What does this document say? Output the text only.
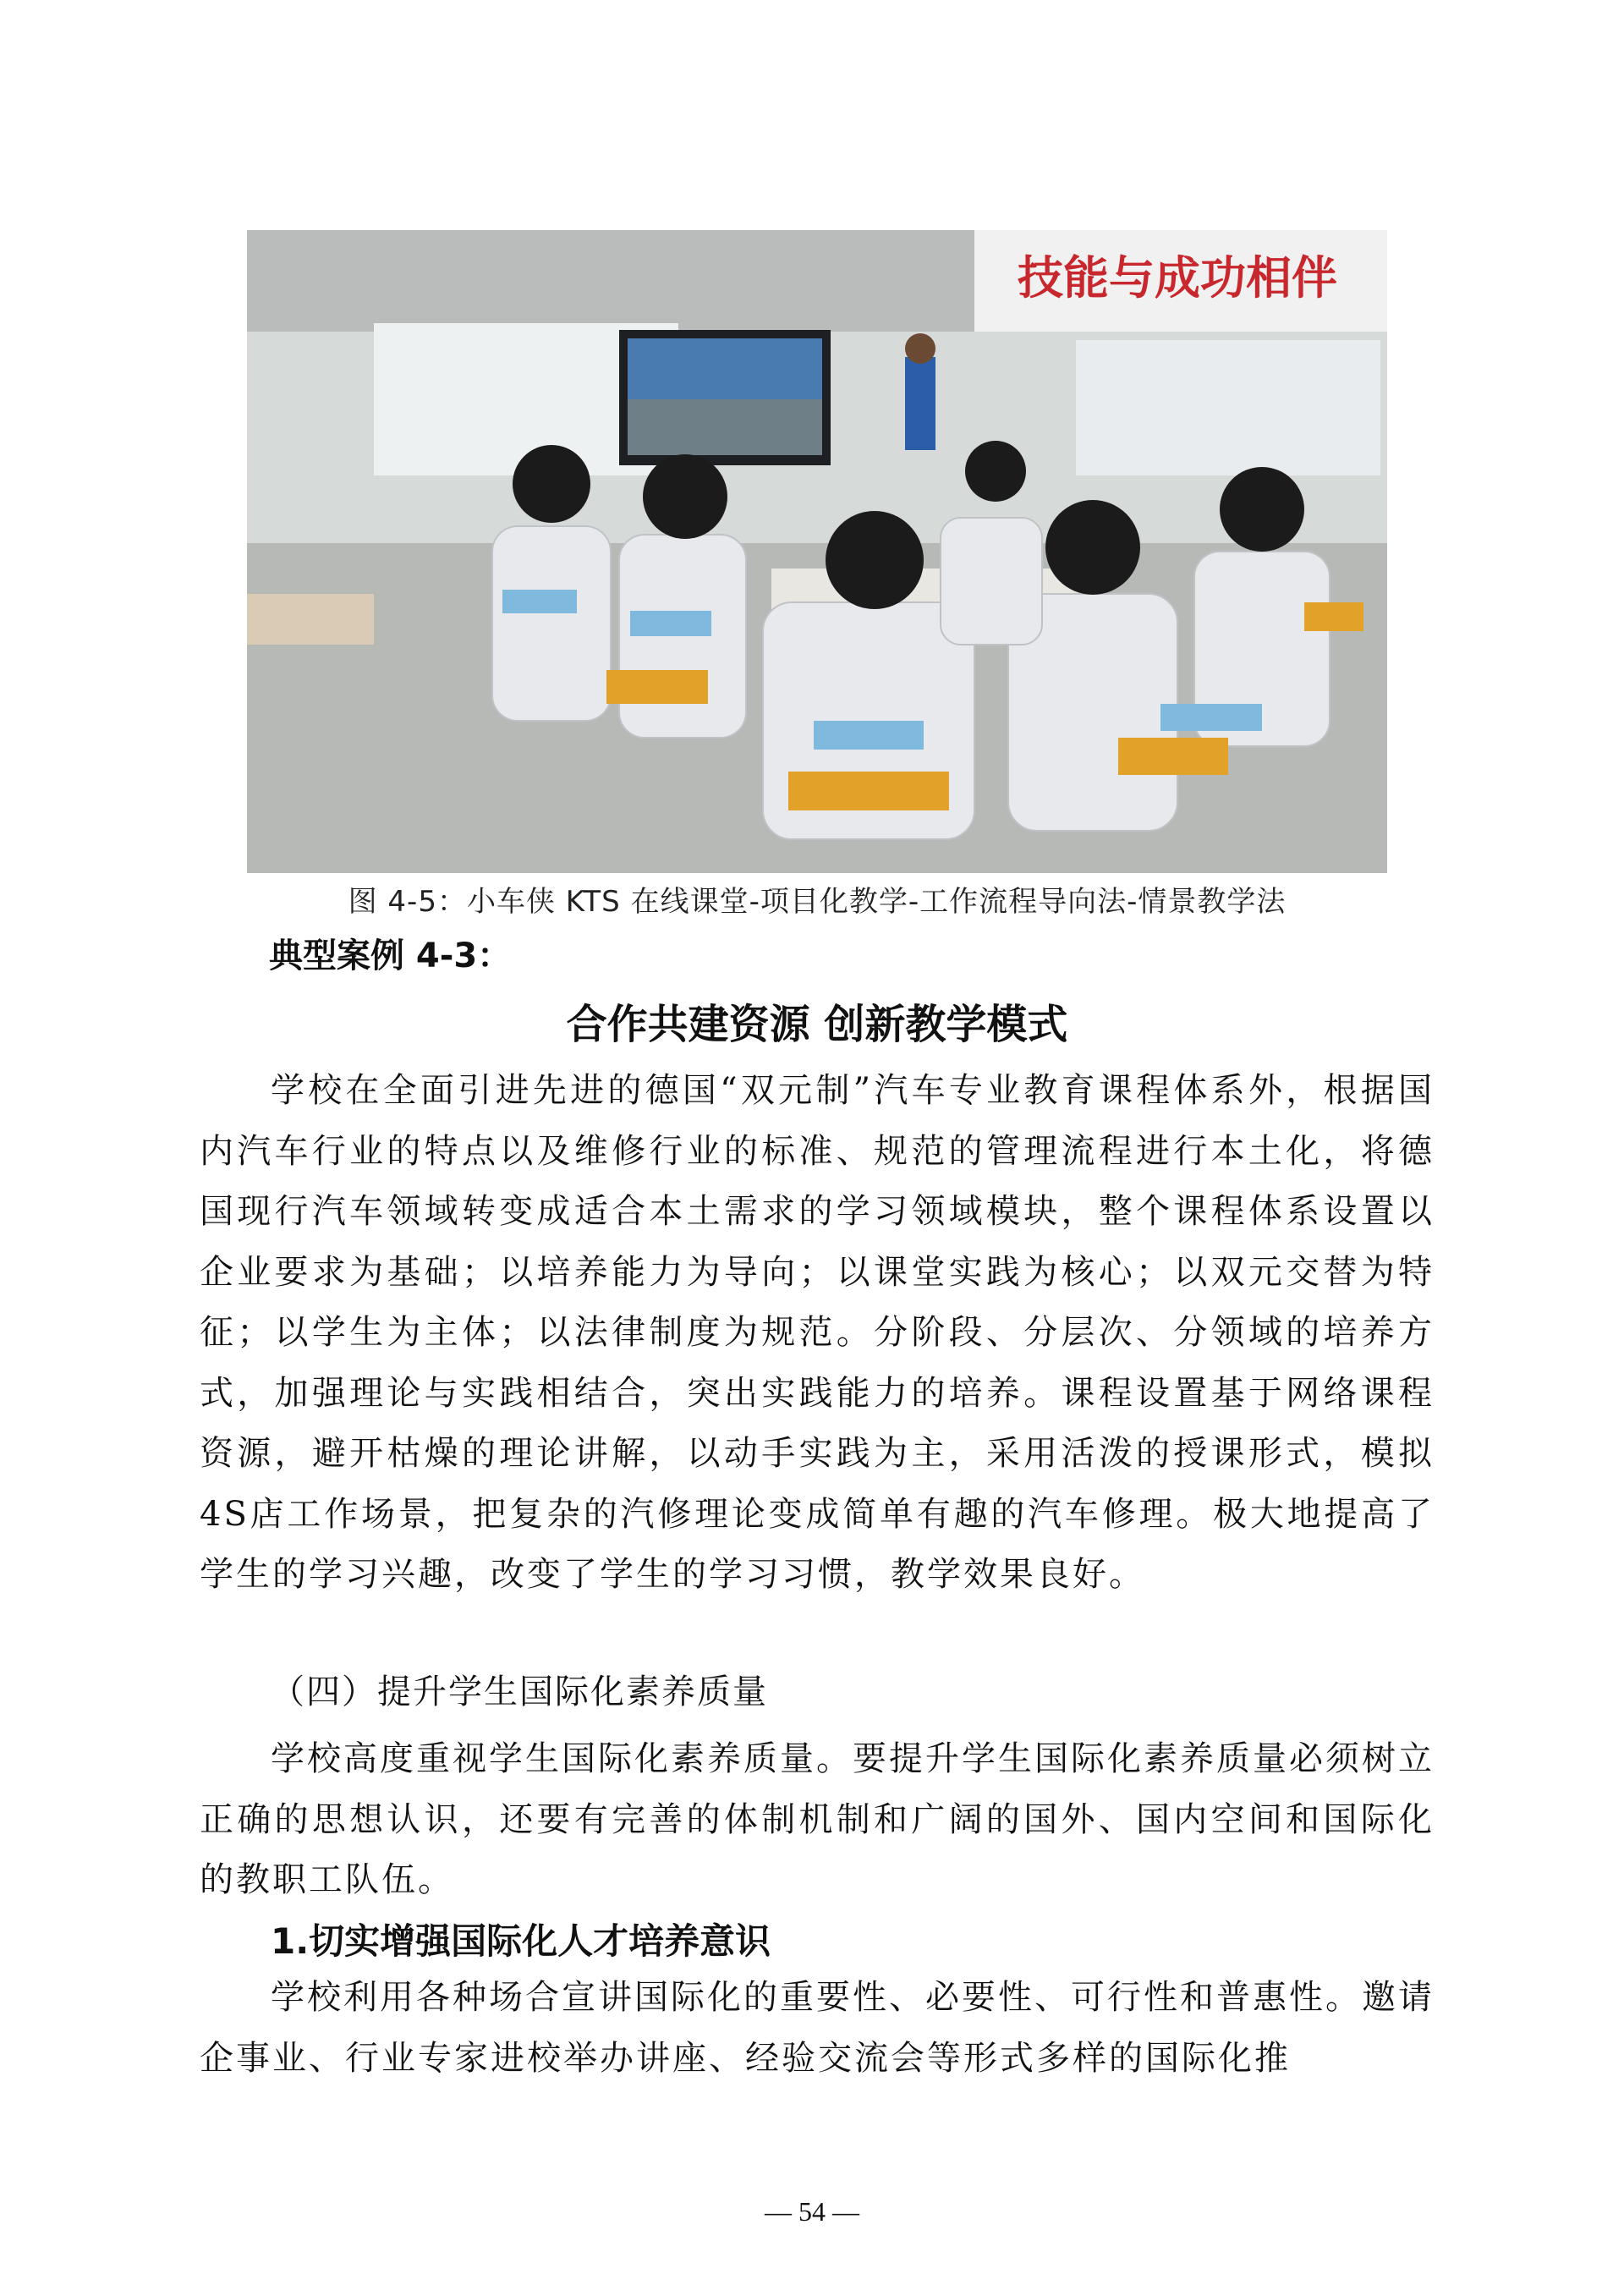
技能与成功相伴
图 4-5：小车侠 KTS 在线课堂-项目化教学-工作流程导向法-情景教学法
典型案例 4-3：
合作共建资源 创新教学模式
学校在全面引进先进的德国“双元制”汽车专业教育课程体系外，根据国内汽车行业的特点以及维修行业的标准、规范的管理流程进行本土化，将德国现行汽车领域转变成适合本土需求的学习领域模块，整个课程体系设置以企业要求为基础；以培养能力为导向；以课堂实践为核心；以双元交替为特征；以学生为主体；以法律制度为规范。分阶段、分层次、分领域的培养方式，加强理论与实践相结合，突出实践能力的培养。课程设置基于网络课程资源，避开枯燥的理论讲解，以动手实践为主，采用活泼的授课形式，模拟4S店工作场景，把复杂的汽修理论变成简单有趣的汽车修理。极大地提高了学生的学习兴趣，改变了学生的学习习惯，教学效果良好。
（四）提升学生国际化素养质量
学校高度重视学生国际化素养质量。要提升学生国际化素养质量必须树立正确的思想认识，还要有完善的体制机制和广阔的国外、国内空间和国际化的教职工队伍。
1.切实增强国际化人才培养意识
学校利用各种场合宣讲国际化的重要性、必要性、可行性和普惠性。邀请企事业、行业专家进校举办讲座、经验交流会等形式多样的国际化推
— 54 —
